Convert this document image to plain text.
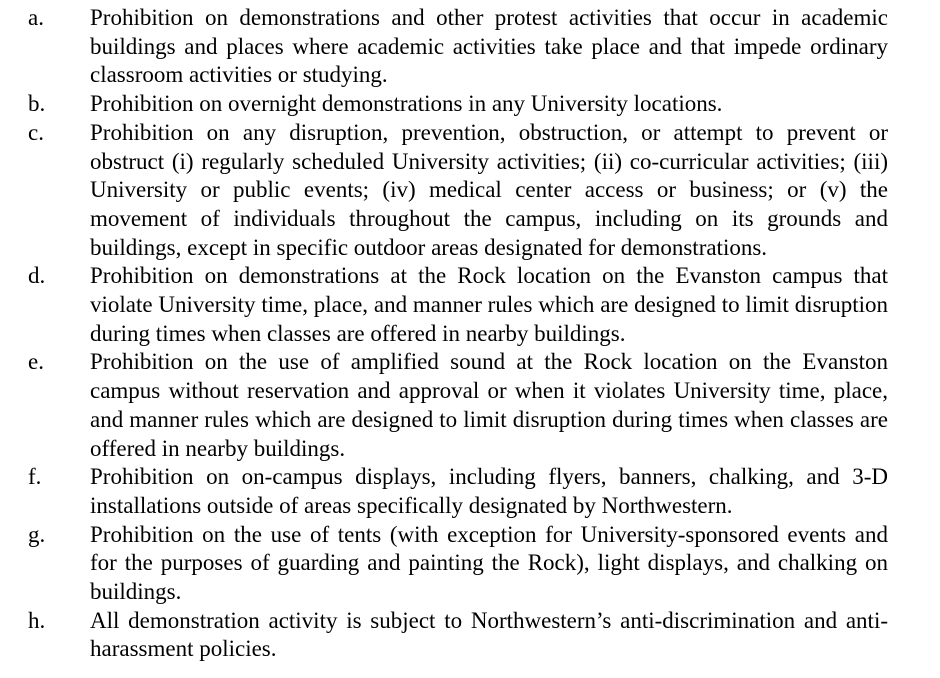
a.	Prohibition on demonstrations and other protest activities that occur in academic buildings and places where academic activities take place and that impede ordinary classroom activities or studying.
b.	Prohibition on overnight demonstrations in any University locations.
c.	Prohibition on any disruption, prevention, obstruction, or attempt to prevent or obstruct (i) regularly scheduled University activities; (ii) co-curricular activities; (iii) University or public events; (iv) medical center access or business; or (v) the movement of individuals throughout the campus, including on its grounds and buildings, except in specific outdoor areas designated for demonstrations.
d.	Prohibition on demonstrations at the Rock location on the Evanston campus that violate University time, place, and manner rules which are designed to limit disruption during times when classes are offered in nearby buildings.
e.	Prohibition on the use of amplified sound at the Rock location on the Evanston campus without reservation and approval or when it violates University time, place, and manner rules which are designed to limit disruption during times when classes are offered in nearby buildings.
f.	Prohibition on on-campus displays, including flyers, banners, chalking, and 3-D installations outside of areas specifically designated by Northwestern.
g.	Prohibition on the use of tents (with exception for University-sponsored events and for the purposes of guarding and painting the Rock), light displays, and chalking on buildings.
h.	All demonstration activity is subject to Northwestern’s anti-discrimination and anti-harassment policies.
